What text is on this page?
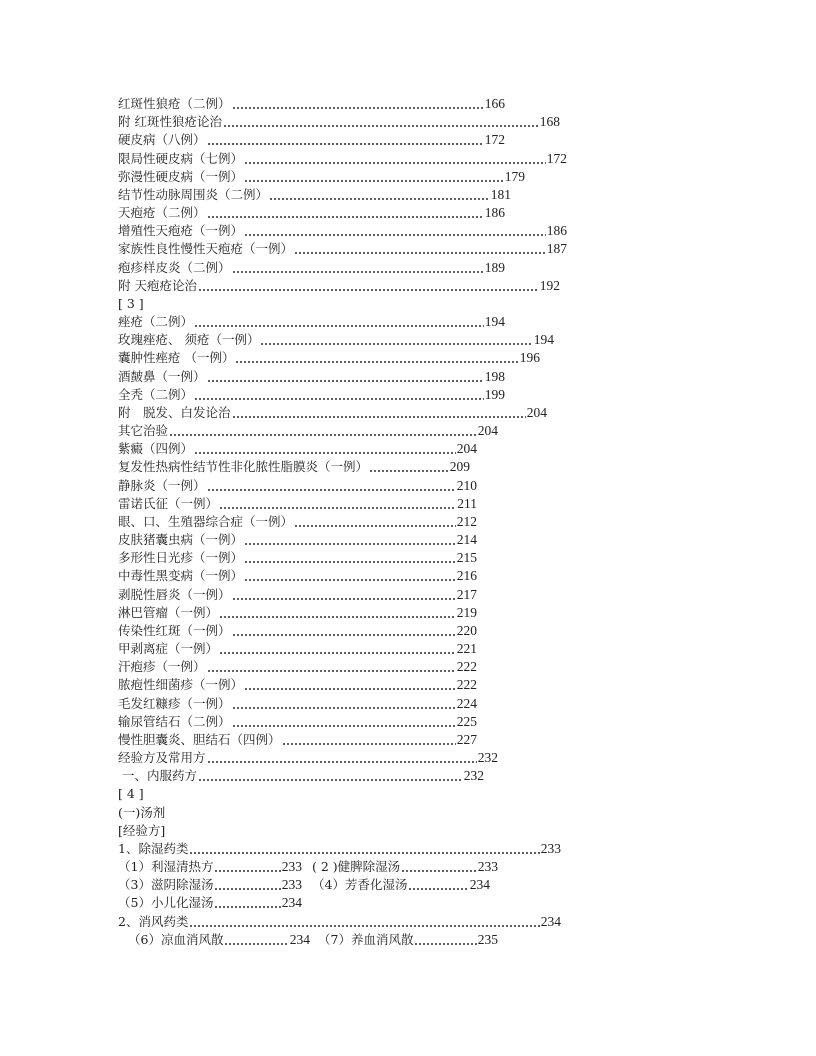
红斑性狼疮（二例）	166
附 红斑性狼疮论治	168
硬皮病（八例）	172
限局性硬皮病（七例）	172
弥漫性硬皮病（一例）	179
结节性动脉周围炎（二例）	181
天疱疮（二例）	186
增殖性天疱疮（一例）	186
家族性良性慢性天疱疮（一例）	187
疱疹样皮炎（二例）	189
附 天疱疮论治	192
[ 3 ]
痤疮（二例）	194
玫瑰痤疮、 须疮（一例）	194
囊肿性痤疮 （一例）	196
酒皶鼻（一例）	198
全秃（二例）	199
附　脱发、白发论治	204
其它治验	204
紫癜（四例）	204
复发性热病性结节性非化脓性脂膜炎（一例）	209
静脉炎（一例）	210
雷诺氏征（一例）	211
眼、口、生殖器综合症（一例）	212
皮肤猪囊虫病（一例）	214
多形性日光疹（一例）	215
中毒性黑变病（一例）	216
剥脱性唇炎（一例）	217
淋巴管瘤（一例）	219
传染性红斑（一例）	220
甲剥离症（一例）	221
汗疱疹（一例）	222
脓疱性细菌疹（一例）	222
毛发红糠疹（一例）	224
输尿管结石（二例）	225
慢性胆囊炎、胆结石（四例）	227
经验方及常用方	232
一、内服药方	232
[ 4 ]
(一)汤剂
[经验方]
1、除湿药类	233
（1）利湿清热方	233 ( 2 )健脾除湿汤	233
（3）滋阴除湿汤	233 （4）芳香化湿汤	234
（5）小儿化湿汤	234
2、消风药类	234
（6）凉血消风散	234 （7）养血消风散	235
